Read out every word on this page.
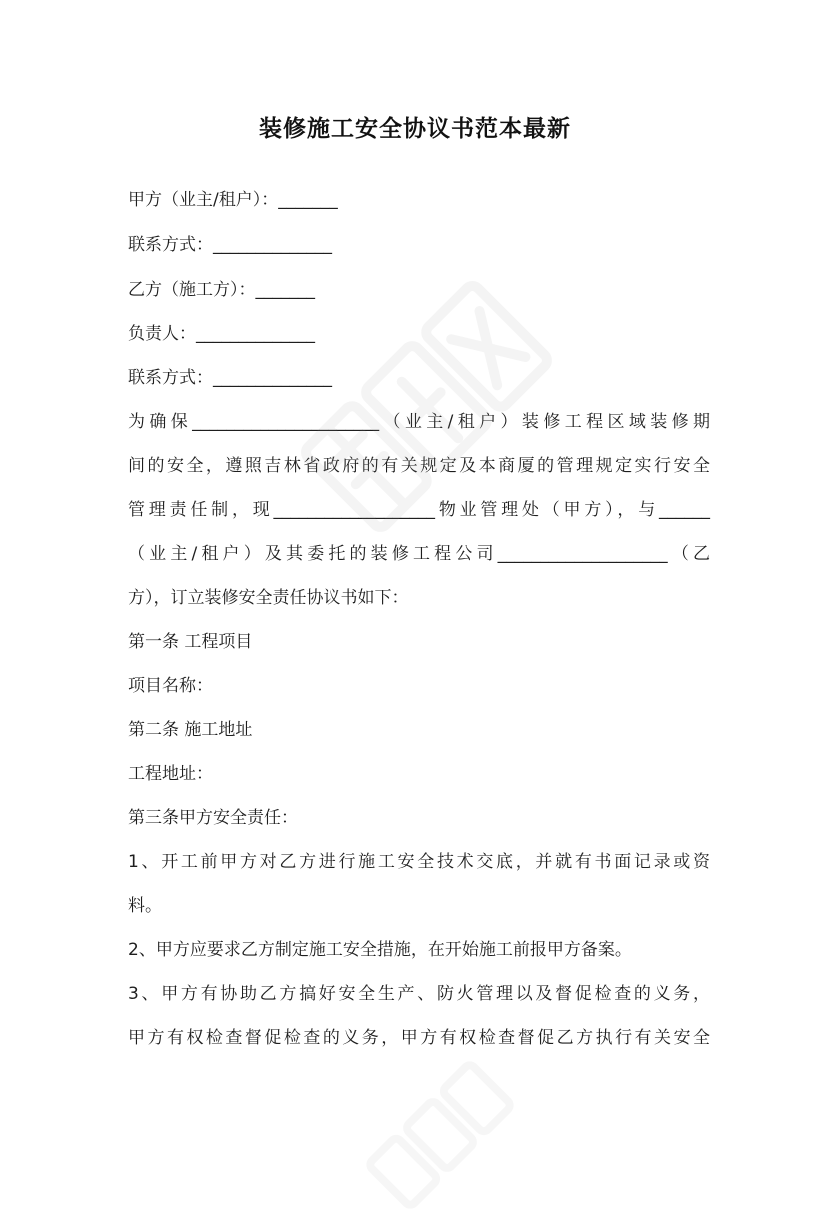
装修施工安全协议书范本最新
甲方（业主/租户）：_______
联系方式：______________
乙方（施工方）：_______
负责人：______________
联系方式：______________
为确保______________________（业主/租户）装修工程区域装修期
间的安全，遵照吉林省政府的有关规定及本商厦的管理规定实行安全
管理责任制，现___________________物业管理处（甲方），与______
（业主/租户）及其委托的装修工程公司____________________（乙
方），订立装修安全责任协议书如下：
第一条 工程项目
项目名称：
第二条 施工地址
工程地址：
第三条甲方安全责任：
1、开工前甲方对乙方进行施工安全技术交底，并就有书面记录或资
料。
2、甲方应要求乙方制定施工安全措施，在开始施工前报甲方备案。
3、甲方有协助乙方搞好安全生产、防火管理以及督促检查的义务，
甲方有权检查督促检查的义务，甲方有权检查督促乙方执行有关安全
